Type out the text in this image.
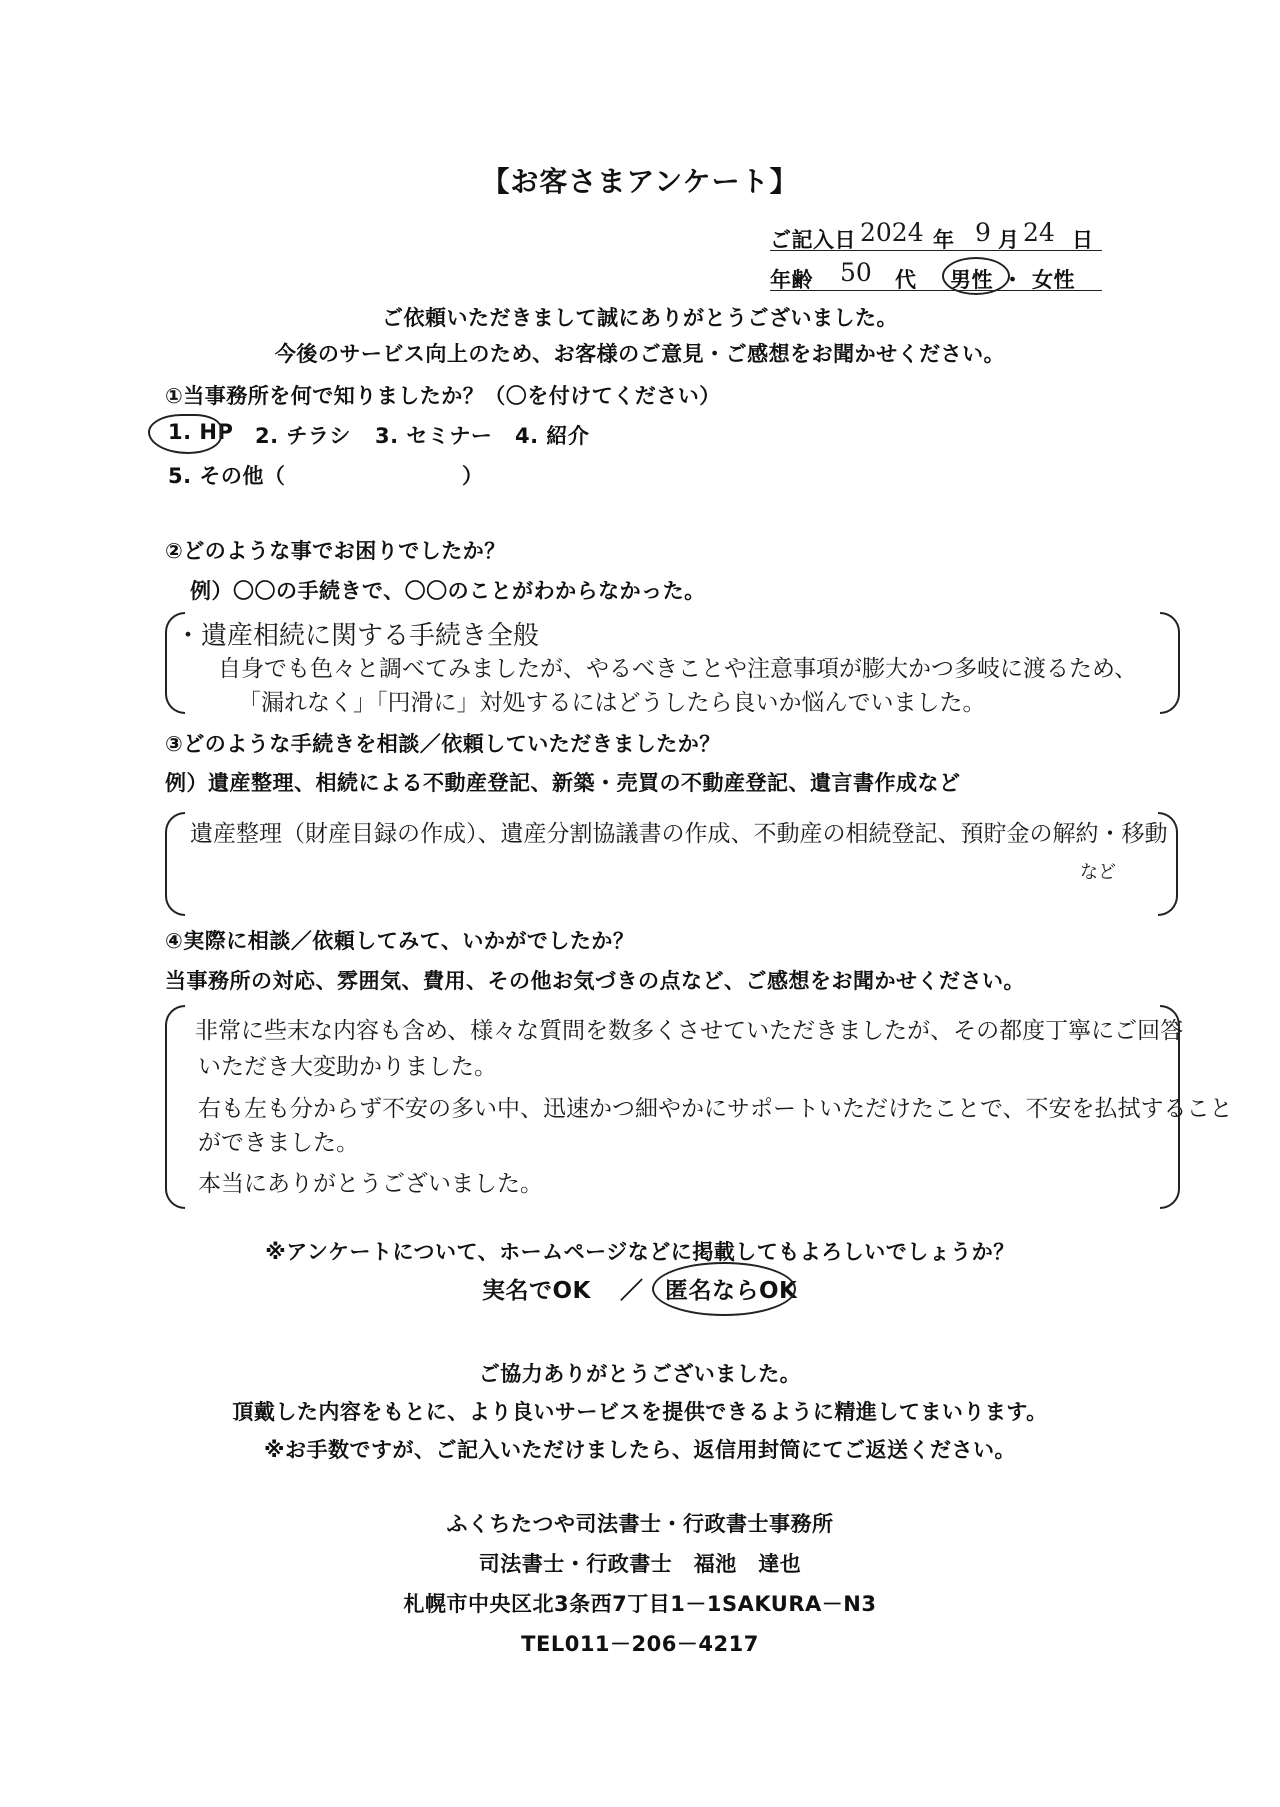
【お客さまアンケート】
ご記入日 2024 年 9 月 24 日
年齢 50 代 男性 ・ 女性
ご依頼いただきまして誠にありがとうございました。
今後のサービス向上のため、お客様のご意見・ご感想をお聞かせください。
①当事務所を何で知りましたか？（〇を付けてください）
1. HP 2. チラシ 3. セミナー 4. 紹介
5. その他（	）
②どのような事でお困りでしたか？
例）〇〇の手続きで、〇〇のことがわからなかった。
・遺産相続に関する手続き全般
自身でも色々と調べてみましたが、やるべきことや注意事項が膨大かつ多岐に渡るため、
「漏れなく」「円滑に」対処するにはどうしたら良いか悩んでいました。
③どのような手続きを相談／依頼していただきましたか？
例）遺産整理、相続による不動産登記、新築・売買の不動産登記、遺言書作成など
遺産整理（財産目録の作成）、遺産分割協議書の作成、不動産の相続登記、預貯金の解約・移動
など
④実際に相談／依頼してみて、いかがでしたか？
当事務所の対応、雰囲気、費用、その他お気づきの点など、ご感想をお聞かせください。
非常に些末な内容も含め、様々な質問を数多くさせていただきましたが、その都度丁寧にご回答
いただき大変助かりました。
右も左も分からず不安の多い中、迅速かつ細やかにサポートいただけたことで、不安を払拭すること
ができました。
本当にありがとうございました。
※アンケートについて、ホームページなどに掲載してもよろしいでしょうか？
実名でOK ／ 匿名ならOK
ご協力ありがとうございました。
頂戴した内容をもとに、より良いサービスを提供できるように精進してまいります。
※お手数ですが、ご記入いただけましたら、返信用封筒にてご返送ください。
ふくちたつや司法書士・行政書士事務所
司法書士・行政書士　福池　達也
札幌市中央区北3条西7丁目1－1SAKURA－N3
TEL011－206－4217
